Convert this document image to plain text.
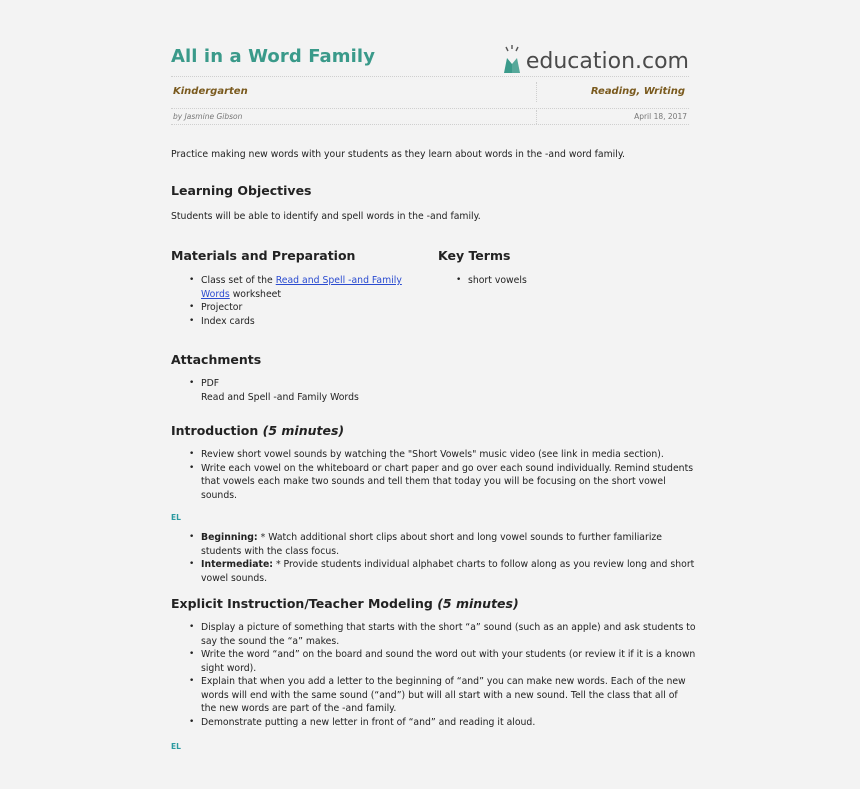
All in a Word Family	education.com
Kindergarten	Reading, Writing
by Jasmine Gibson	April 18, 2017
Practice making new words with your students as they learn about words in the -and word family.
Learning Objectives
Students will be able to identify and spell words in the -and family.
Materials and Preparation
• Class set of the Read and Spell -and Family
Words worksheet
• Projector
• Index cards
Key Terms
• short vowels
Attachments
• PDF
Read and Spell -and Family Words
Introduction (5 minutes)
• Review short vowel sounds by watching the "Short Vowels" music video (see link in media section).
• Write each vowel on the whiteboard or chart paper and go over each sound individually. Remind students
that vowels each make two sounds and tell them that today you will be focusing on the short vowel
sounds.
EL
• Beginning: * Watch additional short clips about short and long vowel sounds to further familiarize
students with the class focus.
• Intermediate: * Provide students individual alphabet charts to follow along as you review long and short
vowel sounds.
Explicit Instruction/Teacher Modeling (5 minutes)
• Display a picture of something that starts with the short “a” sound (such as an apple) and ask students to
say the sound the “a” makes.
• Write the word “and” on the board and sound the word out with your students (or review it if it is a known
sight word).
• Explain that when you add a letter to the beginning of “and” you can make new words. Each of the new
words will end with the same sound (“and”) but will all start with a new sound. Tell the class that all of
the new words are part of the -and family.
• Demonstrate putting a new letter in front of “and” and reading it aloud.
EL
